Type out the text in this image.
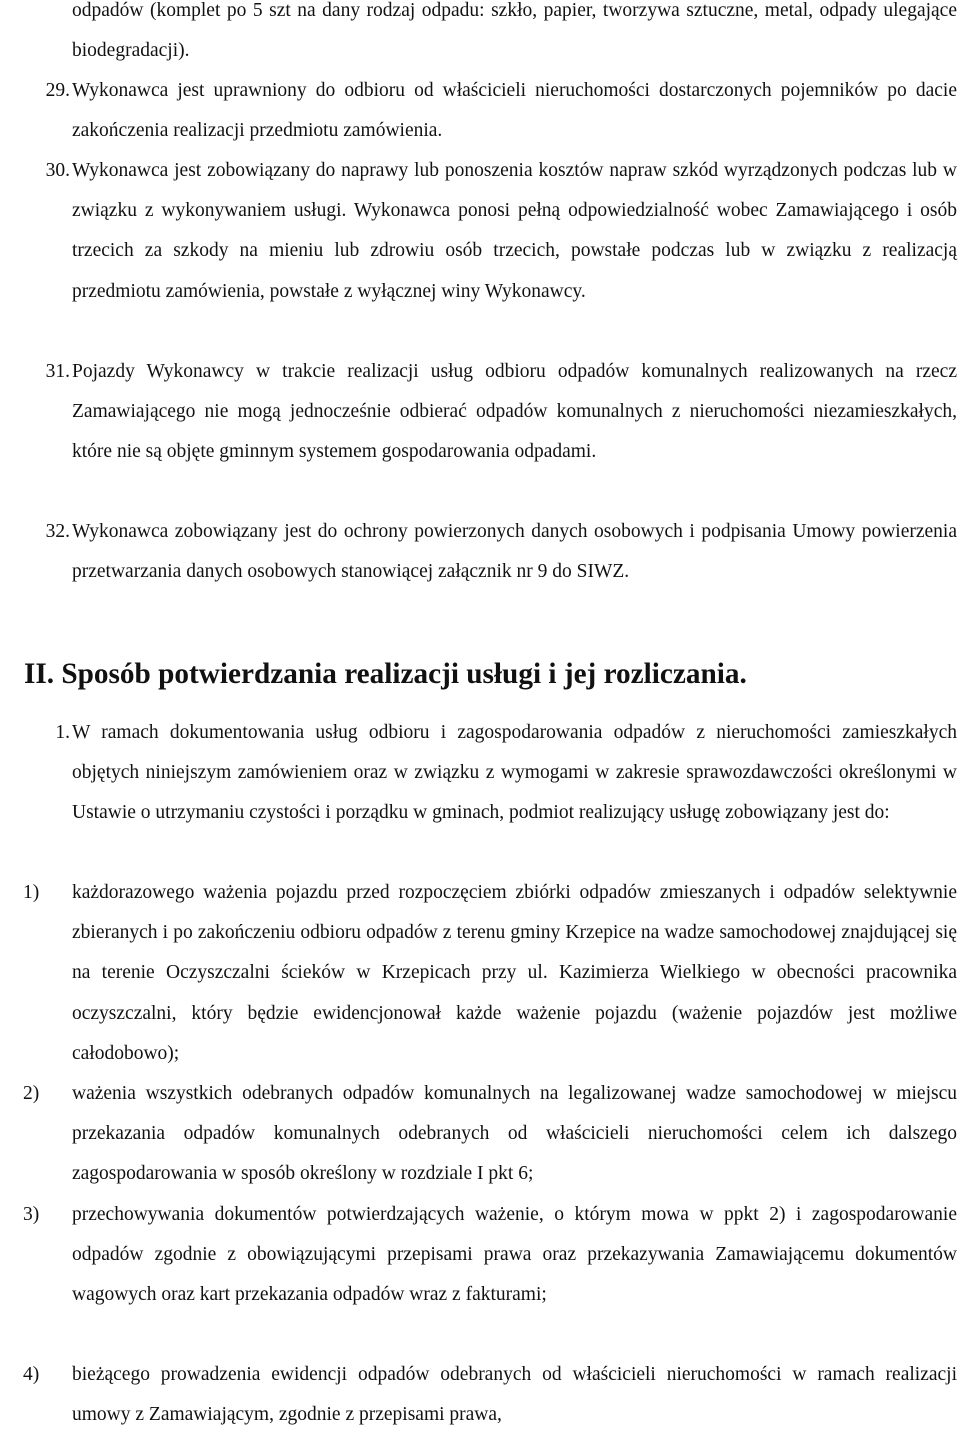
odpadów (komplet po 5 szt na dany rodzaj odpadu: szkło, papier, tworzywa sztuczne, metal, odpady ulegające biodegradacji).

29. Wykonawca jest uprawniony do odbioru od właścicieli nieruchomości dostarczonych pojemników po dacie zakończenia realizacji przedmiotu zamówienia.

30. Wykonawca jest zobowiązany do naprawy lub ponoszenia kosztów napraw szkód wyrządzonych podczas lub w związku z wykonywaniem usługi. Wykonawca ponosi pełną odpowiedzialność wobec Zamawiającego i osób trzecich za szkody na mieniu lub zdrowiu osób trzecich, powstałe podczas lub w związku z realizacją przedmiotu zamówienia, powstałe z wyłącznej winy Wykonawcy.

31. Pojazdy Wykonawcy w trakcie realizacji usług odbioru odpadów komunalnych realizowanych na rzecz Zamawiającego nie mogą jednocześnie odbierać odpadów komunalnych z nieruchomości niezamieszkałych, które nie są objęte gminnym systemem gospodarowania odpadami.

32. Wykonawca zobowiązany jest do ochrony powierzonych danych osobowych i podpisania Umowy powierzenia przetwarzania danych osobowych stanowiącej załącznik nr 9 do SIWZ.

II. Sposób potwierdzania realizacji usługi i jej rozliczania.

1. W ramach dokumentowania usług odbioru i zagospodarowania odpadów z nieruchomości zamieszkałych objętych niniejszym zamówieniem oraz w związku z wymogami w zakresie sprawozdawczości określonymi w Ustawie o utrzymaniu czystości i porządku w gminach, podmiot realizujący usługę zobowiązany jest do:

1)	każdorazowego ważenia pojazdu przed rozpoczęciem zbiórki odpadów zmieszanych i odpadów selektywnie zbieranych i po zakończeniu odbioru odpadów z terenu gminy Krzepice na wadze samochodowej znajdującej się na terenie Oczyszczalni ścieków w Krzepicach przy ul. Kazimierza Wielkiego w obecności pracownika oczyszczalni, który będzie ewidencjonował każde ważenie pojazdu (ważenie pojazdów jest możliwe całodobowo);

2)	ważenia wszystkich odebranych odpadów komunalnych na legalizowanej wadze samochodowej w miejscu przekazania odpadów komunalnych odebranych od właścicieli nieruchomości celem ich dalszego zagospodarowania w sposób określony w rozdziale I pkt 6;

3)	przechowywania dokumentów potwierdzających ważenie, o którym mowa w ppkt 2) i zagospodarowanie odpadów zgodnie z obowiązującymi przepisami prawa oraz przekazywania Zamawiającemu dokumentów wagowych oraz kart przekazania odpadów wraz z fakturami;

4)	bieżącego prowadzenia ewidencji odpadów odebranych od właścicieli nieruchomości w ramach realizacji umowy z Zamawiającym, zgodnie z przepisami prawa,
